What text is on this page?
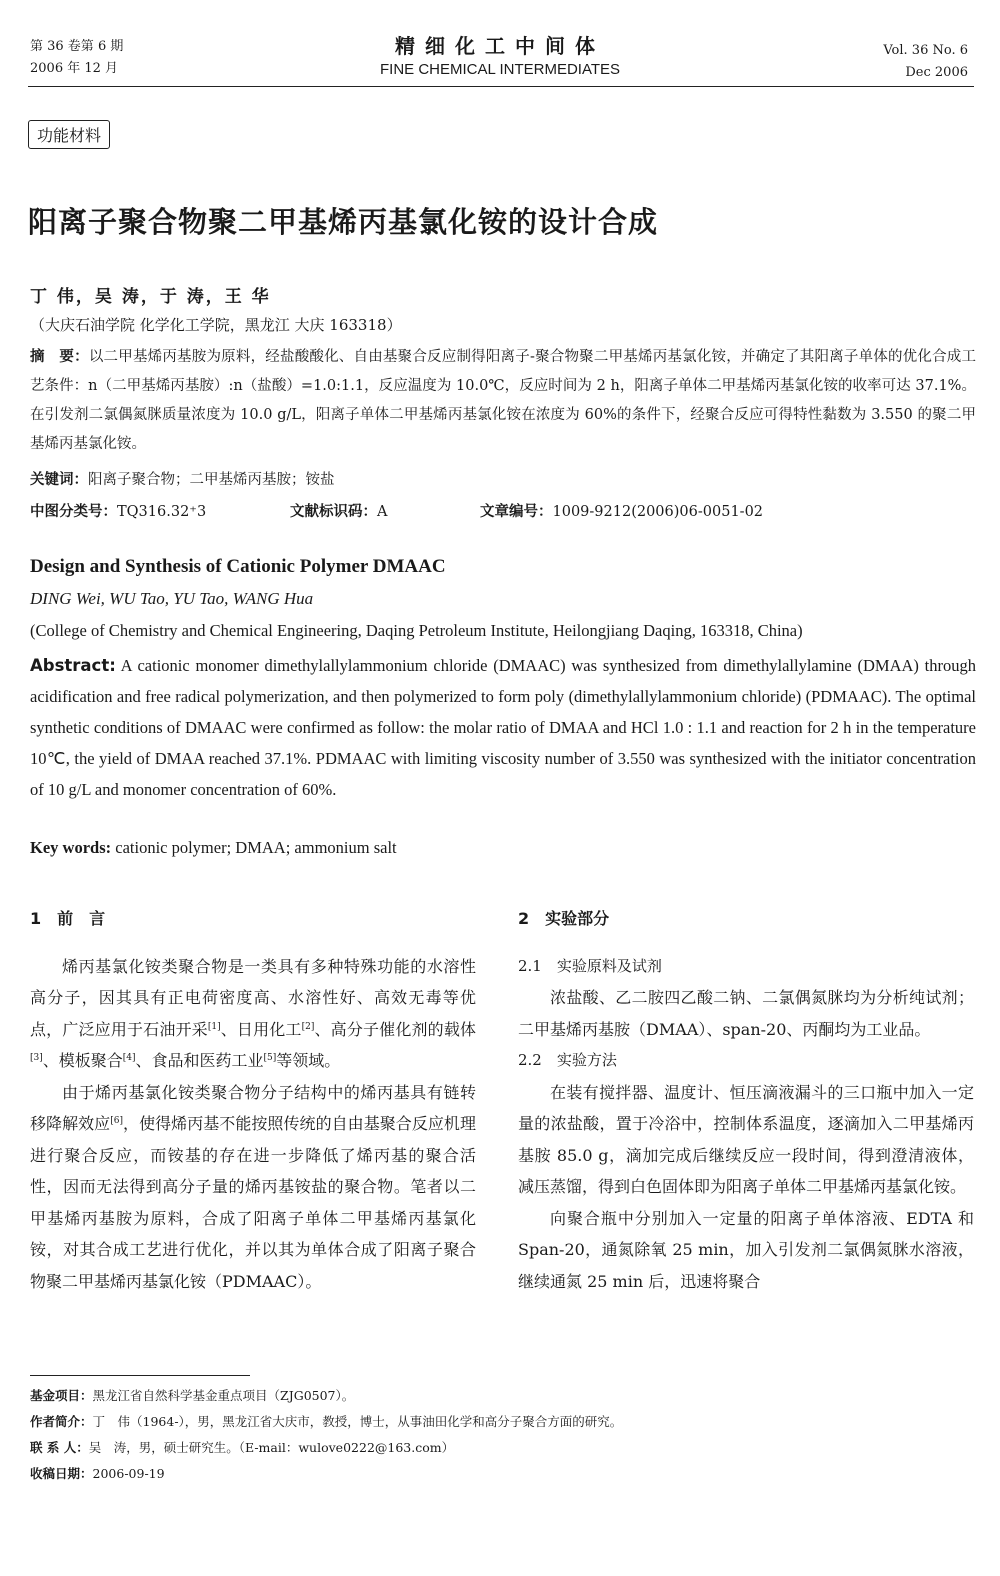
第 36 卷第 6 期
2006 年 12 月
精细化工中间体
FINE CHEMICAL INTERMEDIATES
Vol. 36 No. 6
Dec 2006
功能材料
阳离子聚合物聚二甲基烯丙基氯化铵的设计合成
丁 伟，吴 涛，于 涛，王 华
（大庆石油学院 化学化工学院，黑龙江 大庆 163318）
摘　要：以二甲基烯丙基胺为原料，经盐酸酸化、自由基聚合反应制得阳离子-聚合物聚二甲基烯丙基氯化铵，并确定了其阳离子单体的优化合成工艺条件：n（二甲基烯丙基胺）:n（盐酸）=1.0:1.1，反应温度为 10.0℃，反应时间为 2 h，阳离子单体二甲基烯丙基氯化铵的收率可达 37.1%。在引发剂二氯偶氮脒质量浓度为 10.0 g/L，阳离子单体二甲基烯丙基氯化铵在浓度为 60%的条件下，经聚合反应可得特性黏数为 3.550 的聚二甲基烯丙基氯化铵。
关键词：阳离子聚合物；二甲基烯丙基胺；铵盐
中图分类号：TQ316.32⁺3	文献标识码：A	文章编号：1009-9212(2006)06-0051-02
Design and Synthesis of Cationic Polymer DMAAC
DING Wei, WU Tao, YU Tao, WANG Hua
(College of Chemistry and Chemical Engineering, Daqing Petroleum Institute, Heilongjiang Daqing, 163318, China)
Abstract: A cationic monomer dimethylallylammonium chloride (DMAAC) was synthesized from dimethylallylamine (DMAA) through acidification and free radical polymerization, and then polymerized to form poly (dimethylallylammonium chloride) (PDMAAC). The optimal synthetic conditions of DMAAC were confirmed as follow: the molar ratio of DMAA and HCl 1.0 : 1.1 and reaction for 2 h in the temperature 10℃, the yield of DMAA reached 37.1%. PDMAAC with limiting viscosity number of 3.550 was synthesized with the initiator concentration of 10 g/L and monomer concentration of 60%.
Key words: cationic polymer; DMAA; ammonium salt
1　前　言

烯丙基氯化铵类聚合物是一类具有多种特殊功能的水溶性高分子，因其具有正电荷密度高、水溶性好、高效无毒等优点，广泛应用于石油开采[1]、日用化工[2]、高分子催化剂的载体[3]、模板聚合[4]、食品和医药工业[5]等领域。

由于烯丙基氯化铵类聚合物分子结构中的烯丙基具有链转移降解效应[6]，使得烯丙基不能按照传统的自由基聚合反应机理进行聚合反应，而铵基的存在进一步降低了烯丙基的聚合活性，因而无法得到高分子量的烯丙基铵盐的聚合物。笔者以二甲基烯丙基胺为原料，合成了阳离子单体二甲基烯丙基氯化铵，对其合成工艺进行优化，并以其为单体合成了阳离子聚合物聚二甲基烯丙基氯化铵（PDMAAC）。

2　实验部分
2.1　实验原料及试剂

浓盐酸、乙二胺四乙酸二钠、二氯偶氮脒均为分析纯试剂；二甲基烯丙基胺（DMAA）、span-20、丙酮均为工业品。

2.2　实验方法

在装有搅拌器、温度计、恒压滴液漏斗的三口瓶中加入一定量的浓盐酸，置于冷浴中，控制体系温度，逐滴加入二甲基烯丙基胺 85.0 g，滴加完成后继续反应一段时间，得到澄清液体，减压蒸馏，得到白色固体即为阳离子单体二甲基烯丙基氯化铵。

向聚合瓶中分别加入一定量的阳离子单体溶液、EDTA 和 Span-20，通氮除氧 25 min，加入引发剂二氯偶氮脒水溶液，继续通氮 25 min 后，迅速将聚合

基金项目：黑龙江省自然科学基金重点项目（ZJG0507）。
作者简介：丁　伟（1964-），男，黑龙江省大庆市，教授，博士，从事油田化学和高分子聚合方面的研究。
联 系 人：吴　涛，男，硕士研究生。（E-mail：wulove0222@163.com）
收稿日期：2006-09-19
